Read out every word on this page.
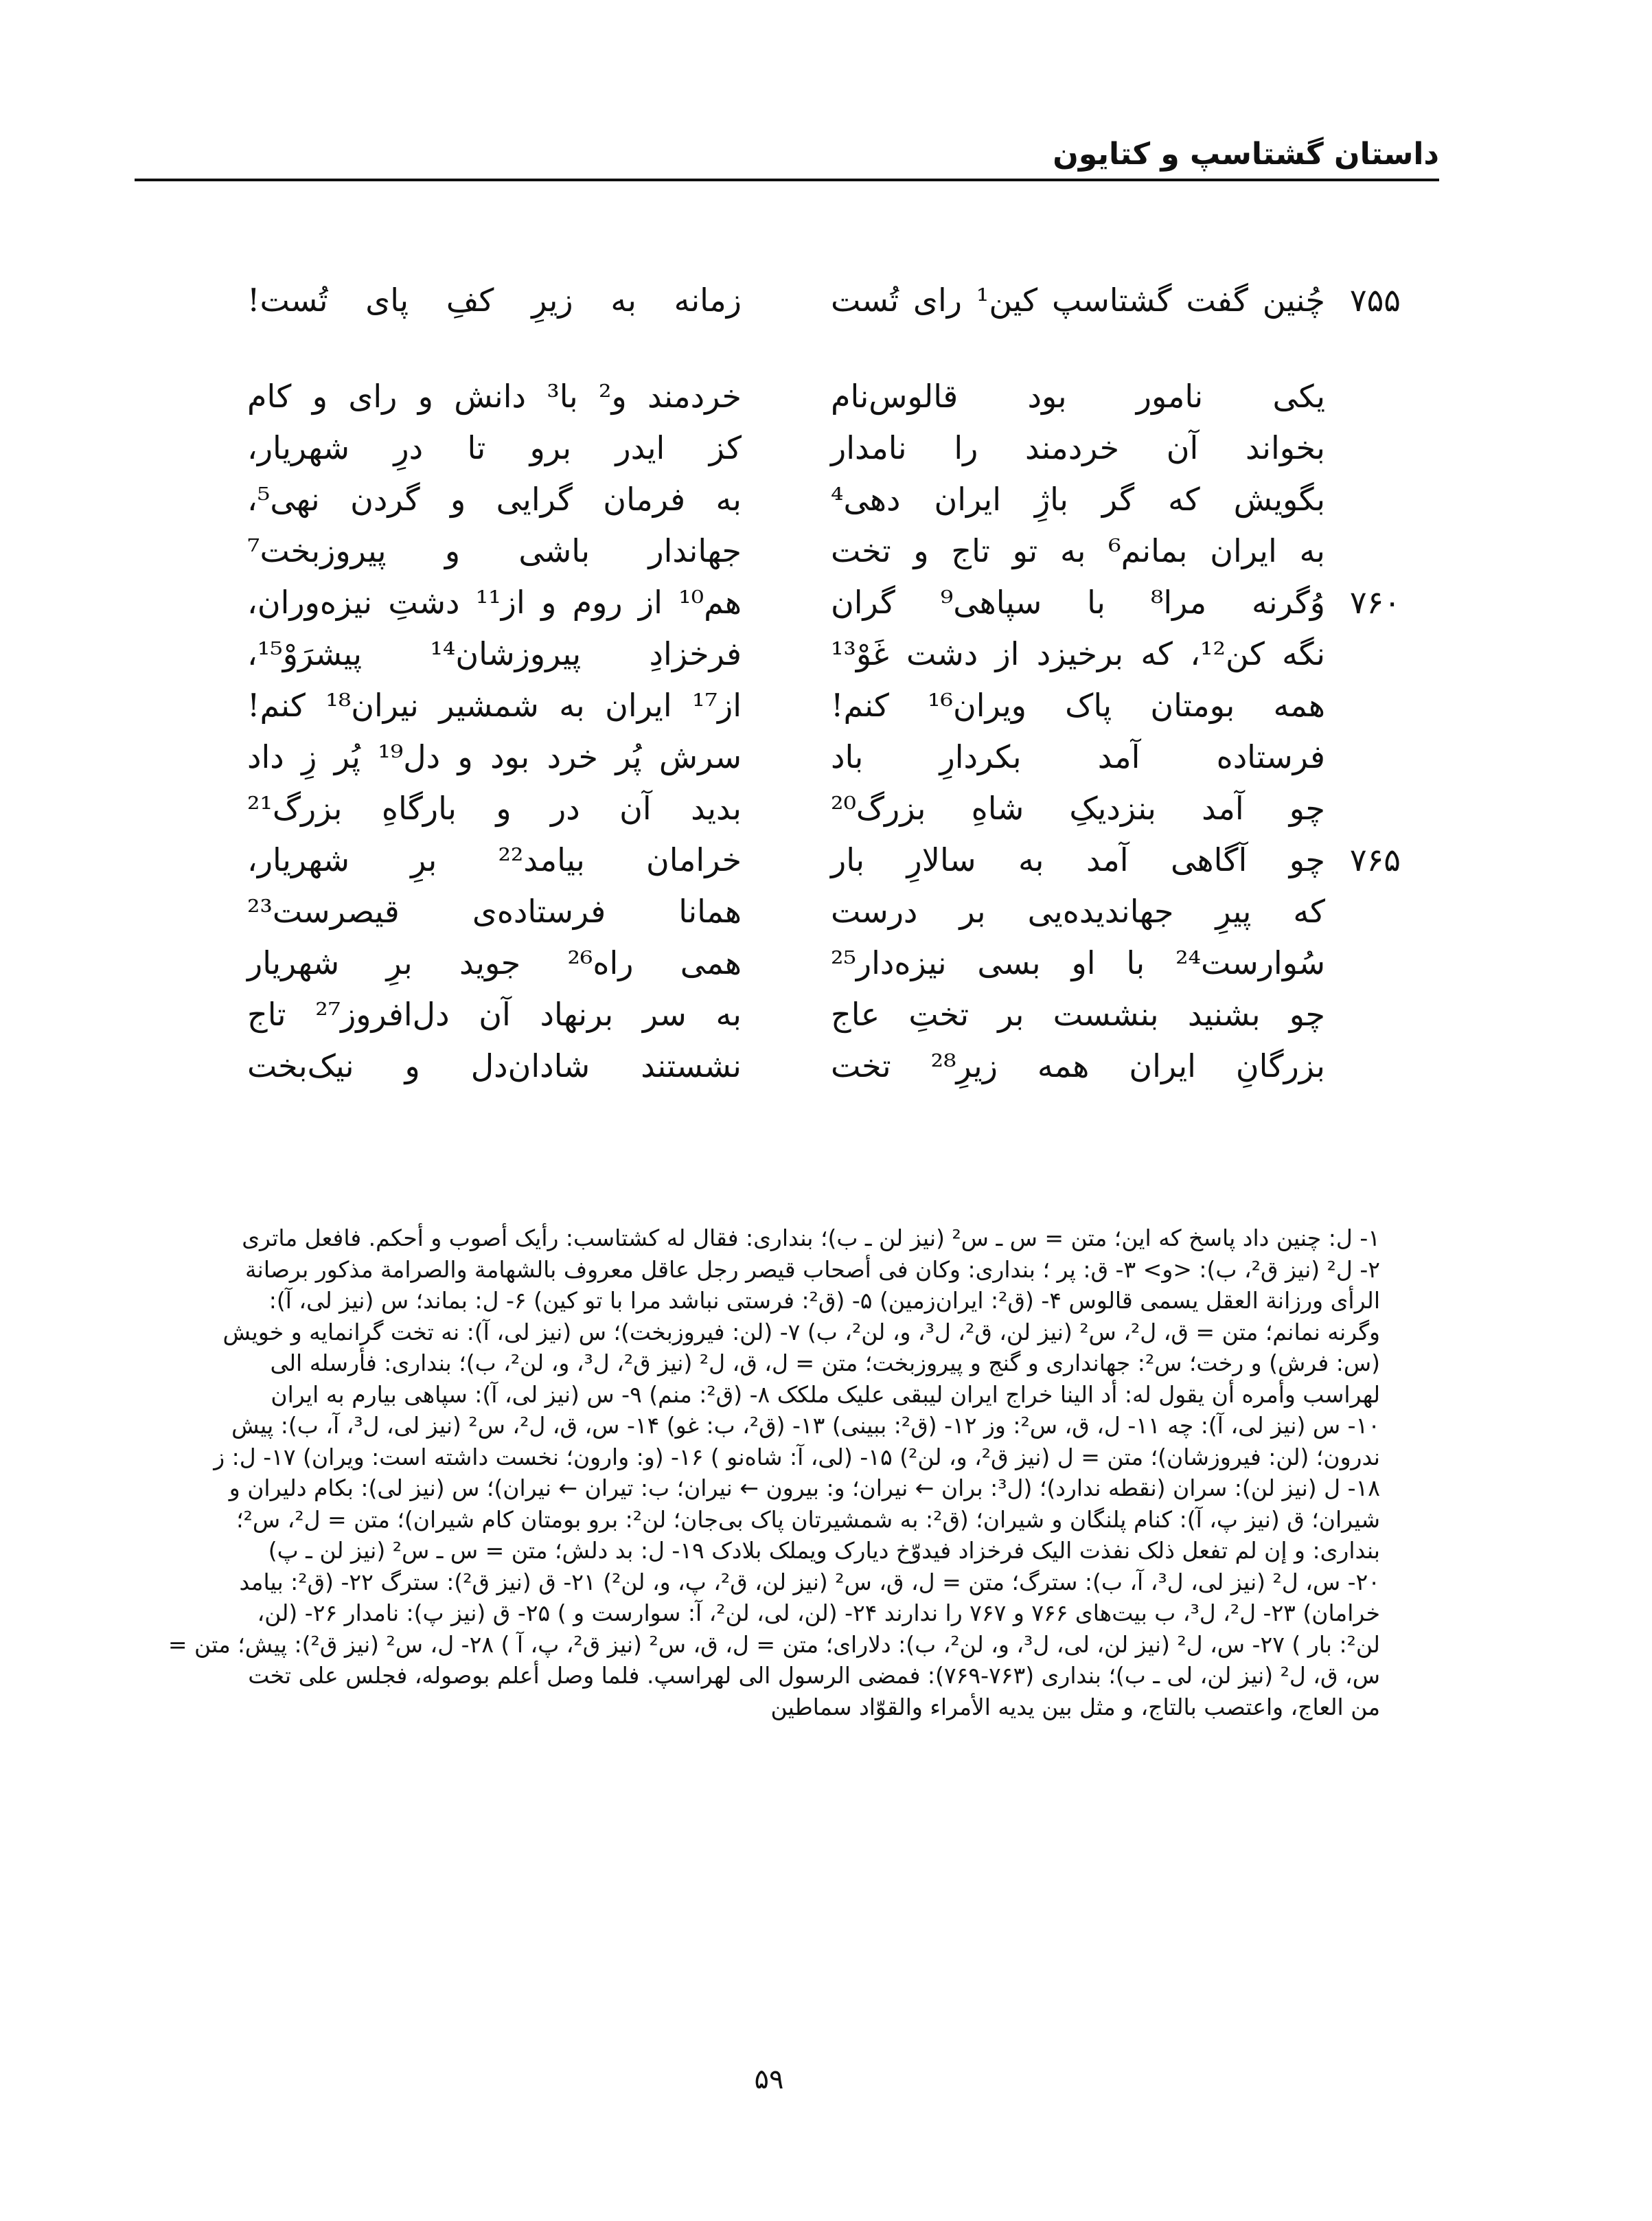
داستان گشتاسپ و کتایون
۷۵۵
چُنین گفت گشتاسپ کین¹ رای تُست
زمانه به زیرِ کفِ پای تُست!
یکی نامور بود قالوس‌نام
خردمند و² با³ دانش و رای و کام
بخواند آن خردمند را نامدار
کز ایدر برو تا درِ شهریار،
بگویش که گر باژِ ایران دهی⁴
به فرمان گرایی و گردن نهی⁵،
به ایران بمانم⁶ به تو تاج و تخت
جهاندار باشی و پیروزبخت⁷
۷۶۰
وُگرنه مرا⁸ با سپاهی⁹ گران
هم¹⁰ از روم و از¹¹ دشتِ نیزه‌وران،
نگه کن¹²، که برخیزد از دشت غَوْ¹³
فرخزادِ پیروزشان¹⁴ پیشرَوْ¹⁵،
همه بومتان پاک ویران¹⁶ کنم!
از¹⁷ ایران به شمشیر نیران¹⁸ کنم!
فرستاده آمد بکردارِ باد
سرش پُر خرد بود و دل¹⁹ پُر زِ داد
چو آمد بنزدیکِ شاهِ بزرگ²⁰
بدید آن در و بارگاهِ بزرگ²¹
۷۶۵
چو آگاهی آمد به سالارِ بار
خرامان بیامد²² برِ شهریار،
که پیرِ جهاندیده‌یی بر درست
همانا فرستاده‌ی قیصرست²³
سُوارست²⁴ با او بسی نیزه‌دار²⁵
همی راه²⁶ جوید برِ شهریار
چو بشنید بنشست بر تختِ عاج
به سر برنهاد آن دل‌افروز²⁷ تاج
بزرگانِ ایران همه زیرِ²⁸ تخت
نشستند شادان‌دل و نیک‌بخت

۱- ل: چنین داد پاسخ که این؛ متن = س ـ س² (نیز لن ـ ب)؛ بنداری: فقال له کشتاسب: رأیک أصوب و أحکم. فافعل ماتری

۲- ل² (نیز ق²، ب): <و> ۳- ق: پر ؛ بنداری: وکان فی أصحاب قیصر رجل عاقل معروف بالشهامة والصرامة مذکور برصانة

الرأی ورزانة العقل یسمی قالوس ۴- (ق²: ایران‌زمین) ۵- (ق²: فرستی نباشد مرا با تو کین) ۶- ل: بماند؛ س (نیز لی، آ):

وگرنه نمانم؛ متن = ق، ل²، س² (نیز لن، ق²، ل³، و، لن²، ب) ۷- (لن: فیروزبخت)؛ س (نیز لی، آ): نه تخت گرانمایه و خویش

(س: فرش) و رخت؛ س²: جهانداری و گنج و پیروزبخت؛ متن = ل، ق، ل² (نیز ق²، ل³، و، لن²، ب)؛ بنداری: فأرسله الی

لهراسب وأمره أن یقول له: أد الینا خراج ایران لیبقی علیک ملکک ۸- (ق²: منم) ۹- س (نیز لی، آ): سپاهی بیارم به ایران

۱۰- س (نیز لی، آ): چه ۱۱- ل، ق، س²: وز ۱۲- (ق²: ببینی) ۱۳- (ق²، ب: غو) ۱۴- س، ق، ل²، س² (نیز لی، ل³، آ، ب): پیش

ندرون؛ (لن: فیروزشان)؛ متن = ل (نیز ق²، و، لن²) ۱۵- (لی، آ: شاه‌نو ) ۱۶- (و: وارون؛ نخست داشته است: ویران) ۱۷- ل: ز

۱۸- ل (نیز لن): سران (نقطه ندارد)؛ (ل³: بران ← نیران؛ و: بیرون ← نیران؛ ب: تیران ← نیران)؛ س (نیز لی): بکام دلیران و

شیران؛ ق (نیز پ، آ): کنام پلنگان و شیران؛ (ق²: به شمشیرتان پاک بی‌جان؛ لن²: برو بومتان کام شیران)؛ متن = ل²، س²؛

بنداری: و إن لم تفعل ذلک نفذت الیک فرخزاد فیدوّخ دیارک ویملک بلادک ۱۹- ل: بد دلش؛ متن = س ـ س² (نیز لن ـ پ)

۲۰- س، ل² (نیز لی، ل³، آ، ب): سترگ؛ متن = ل، ق، س² (نیز لن، ق²، پ، و، لن²) ۲۱- ق (نیز ق²): سترگ ۲۲- (ق²: بیامد

خرامان) ۲۳- ل²، ل³، ب بیت‌های ۷۶۶ و ۷۶۷ را ندارند ۲۴- (لن، لی، لن²، آ: سوارست و ) ۲۵- ق (نیز پ): نامدار ۲۶- (لن،

لن²: بار ) ۲۷- س، ل² (نیز لن، لی، ل³، و، لن²، ب): دلارای؛ متن = ل، ق، س² (نیز ق²، پ، آ ) ۲۸- ل، س² (نیز ق²): پیش؛ متن =

س، ق، ل² (نیز لن، لی ـ ب)؛ بنداری (۷۶۳-۷۶۹): فمضی الرسول الی لهراسپ. فلما وصل أعلم بوصوله، فجلس علی تخت

من العاج، واعتصب بالتاج، و مثل بین یدیه الأمراء والقوّاد سماطین

۵۹
